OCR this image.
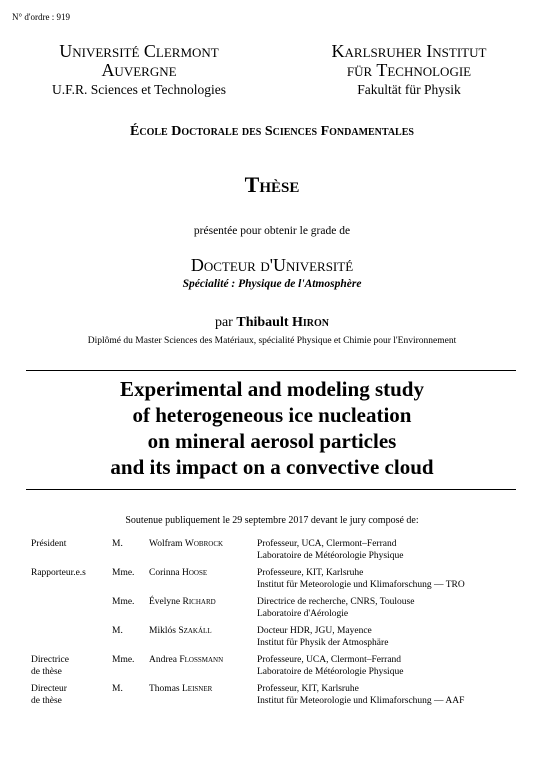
N° d'ordre : 919
Université Clermont
Auvergne
U.F.R. Sciences et Technologies
Karlsruher Institut
für Technologie
Fakultät für Physik
École Doctorale des Sciences Fondamentales
Thèse
présentée pour obtenir le grade de
Docteur d'Université
Spécialité : Physique de l'Atmosphère
par Thibault Hiron
Diplômé du Master Sciences des Matériaux, spécialité Physique et Chimie pour l'Environnement
Experimental and modeling study
of heterogeneous ice nucleation
on mineral aerosol particles
and its impact on a convective cloud
Soutenue publiquement le 29 septembre 2017 devant le jury composé de:
Président	M.	Wolfram Wobrock	Professeur, UCA, Clermont–Ferrand
Laboratoire de Météorologie Physique
Rapporteur.e.s	Mme.	Corinna Hoose	Professeure, KIT, Karlsruhe
Institut für Meteorologie und Klimaforschung — TRO
Mme.	Évelyne Richard	Directrice de recherche, CNRS, Toulouse
Laboratoire d'Aérologie
M.	Miklós Szakáll	Docteur HDR, JGU, Mayence
Institut für Physik der Atmosphäre
Directrice
de thèse
Mme.	Andrea Flossmann	Professeure, UCA, Clermont–Ferrand
Laboratoire de Météorologie Physique
Directeur
de thèse
M.	Thomas Leisner	Professeur, KIT, Karlsruhe
Institut für Meteorologie und Klimaforschung — AAF
